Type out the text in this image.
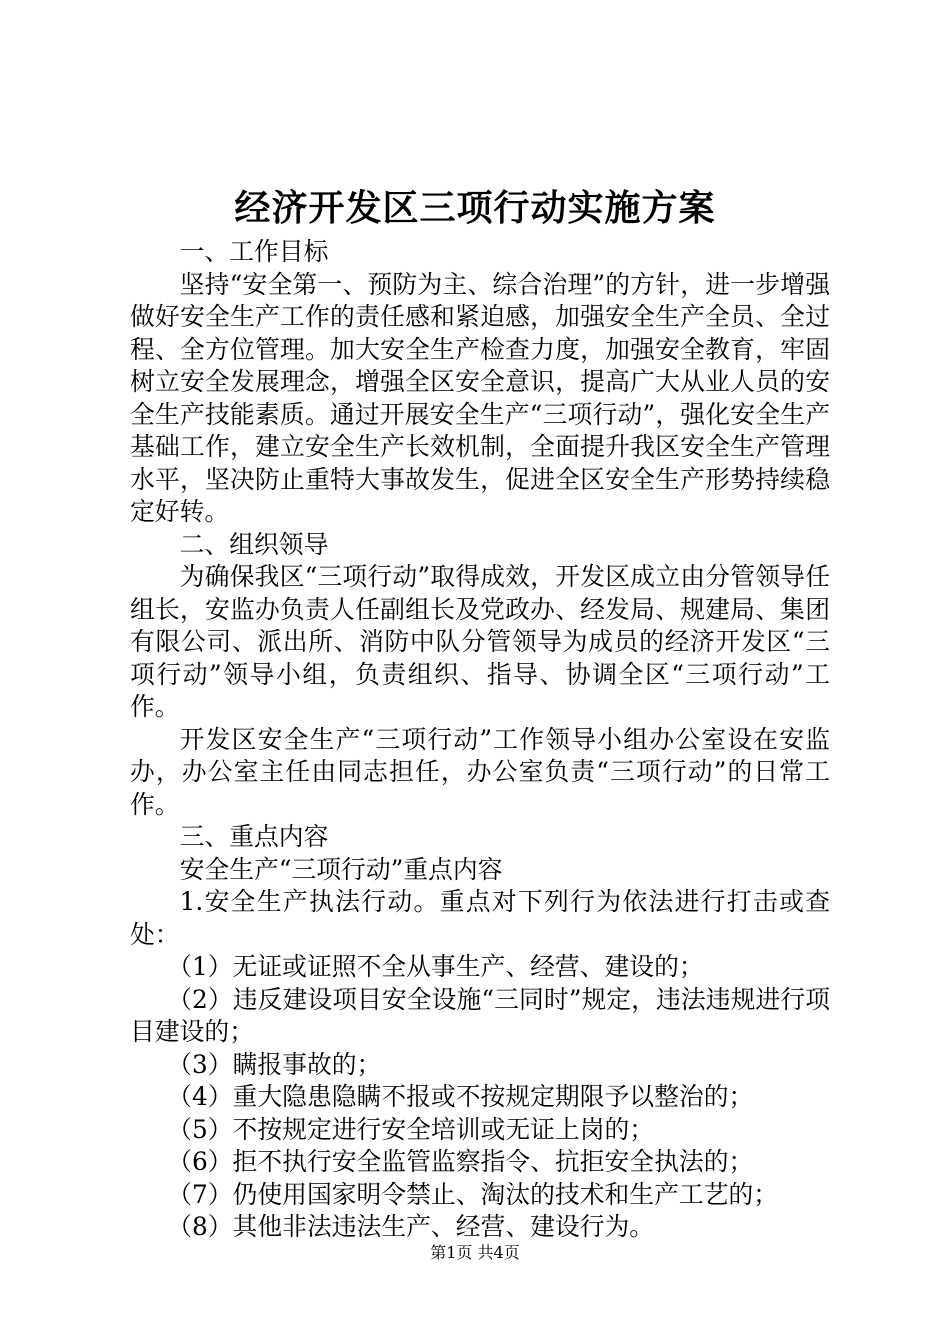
经济开发区三项行动实施方案

一、工作目标

坚持“安全第一、预防为主、综合治理”的方针，进一步增强做好安全生产工作的责任感和紧迫感，加强安全生产全员、全过程、全方位管理。加大安全生产检查力度，加强安全教育，牢固树立安全发展理念，增强全区安全意识，提高广大从业人员的安全生产技能素质。通过开展安全生产“三项行动”，强化安全生产基础工作，建立安全生产长效机制，全面提升我区安全生产管理水平，坚决防止重特大事故发生，促进全区安全生产形势持续稳定好转。

二、组织领导

为确保我区“三项行动”取得成效，开发区成立由分管领导任组长，安监办负责人任副组长及党政办、经发局、规建局、集团有限公司、派出所、消防中队分管领导为成员的经济开发区“三项行动”领导小组，负责组织、指导、协调全区“三项行动”工作。

开发区安全生产“三项行动”工作领导小组办公室设在安监办，办公室主任由同志担任，办公室负责“三项行动”的日常工作。

三、重点内容

安全生产“三项行动”重点内容

1.安全生产执法行动。重点对下列行为依法进行打击或查处：

（1）无证或证照不全从事生产、经营、建设的；

（2）违反建设项目安全设施“三同时”规定，违法违规进行项目建设的；

（3）瞒报事故的；

（4）重大隐患隐瞒不报或不按规定期限予以整治的；

（5）不按规定进行安全培训或无证上岗的；

（6）拒不执行安全监管监察指令、抗拒安全执法的；

（7）仍使用国家明令禁止、淘汰的技术和生产工艺的；

（8）其他非法违法生产、经营、建设行为。

第1页 共4页
